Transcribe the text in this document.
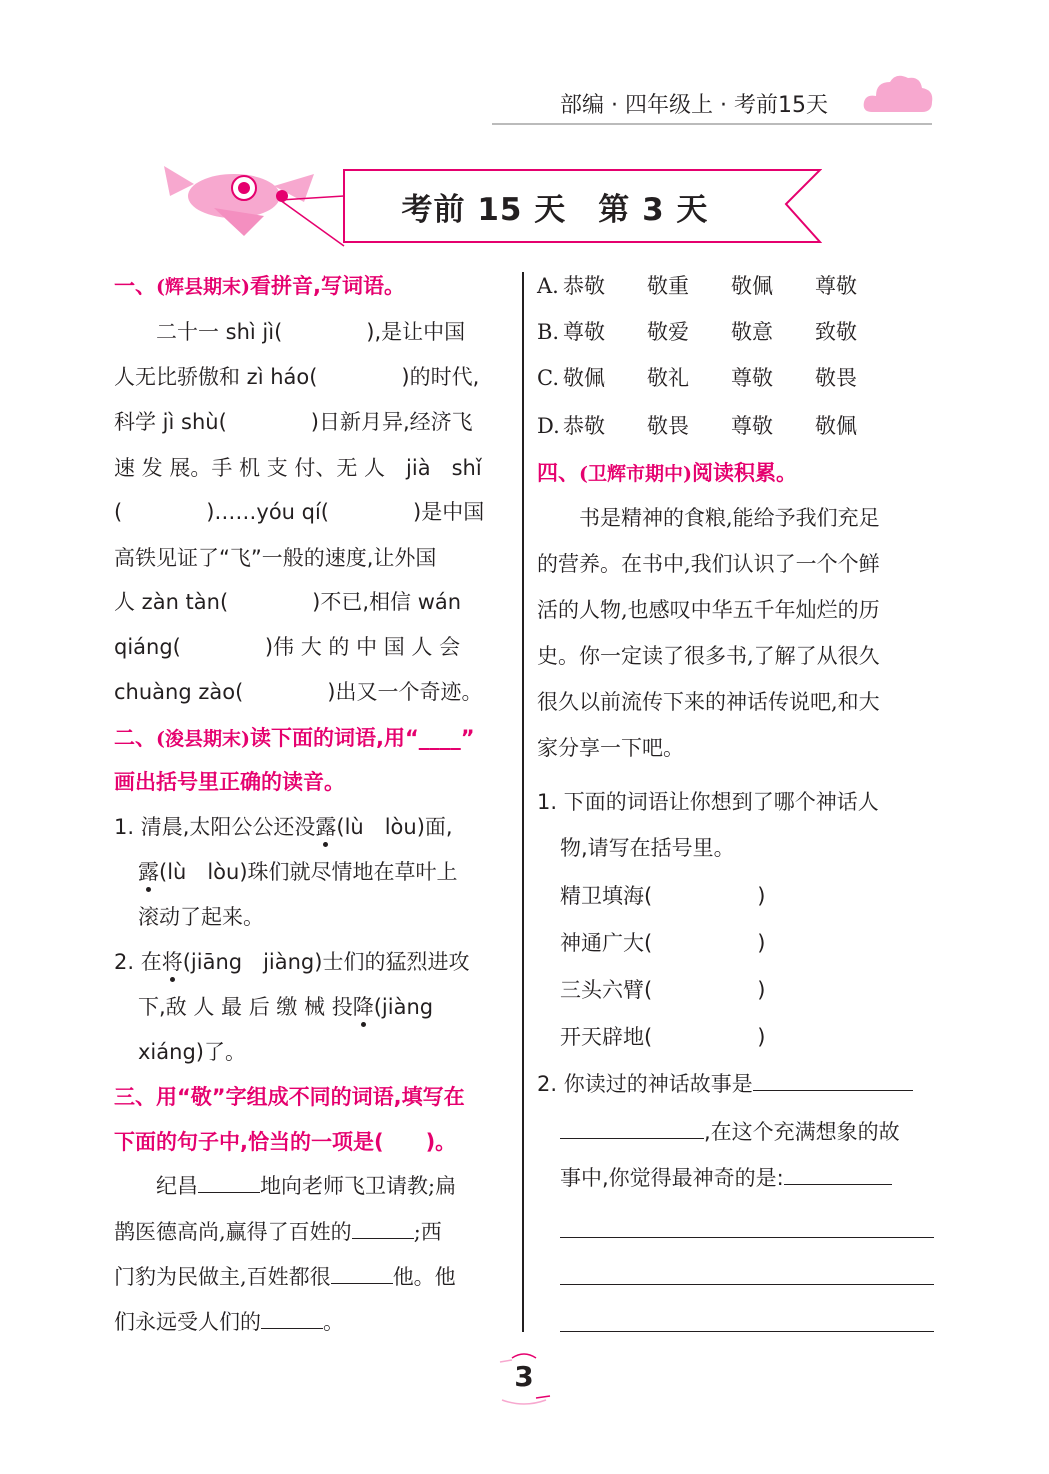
部编 · 四年级上 · 考前15天
考前 15 天　第 3 天
一、(辉县期末)看拼音,写词语。
　　二十一 shì jì(　　　　),是让中国
人无比骄傲和 zì háo(　　　　)的时代,
科学 jì shù(　　　　)日新月异,经济飞
速 发 展。手 机 支 付、无 人　jià　shǐ
(　　　　)……yóu qí(　　　　)是中国
高铁见证了“飞”一般的速度,让外国
人 zàn tàn(　　　　)不已,相信 wán
qiáng(　　　　)伟 大 的 中 国 人 会
chuàng zào(　　　　)出又一个奇迹。
二、(浚县期末)读下面的词语,用“____”
画出括号里正确的读音。
1. 清晨,太阳公公还没露(lù　lòu)面,
露(lù　lòu)珠们就尽情地在草叶上
滚动了起来。
2. 在将(jiāng　jiàng)士们的猛烈进攻
下,敌 人 最 后 缴 械 投降(jiàng
xiáng)了。
三、用“敬”字组成不同的词语,填写在
下面的句子中,恰当的一项是(　　)。
　　纪昌	地向老师飞卫请教;扁
鹊医德高尚,赢得了百姓的	;西
门豹为民做主,百姓都很	他。他
们永远受人们的	。
A. 恭敬 敬重 敬佩 尊敬
B. 尊敬 敬爱 敬意 致敬
C. 敬佩 敬礼 尊敬 敬畏
D. 恭敬 敬畏 尊敬 敬佩
四、(卫辉市期中)阅读积累。
　　书是精神的食粮,能给予我们充足
的营养。在书中,我们认识了一个个鲜
活的人物,也感叹中华五千年灿烂的历
史。你一定读了很多书,了解了从很久
很久以前流传下来的神话传说吧,和大
家分享一下吧。
1. 下面的词语让你想到了哪个神话人
物,请写在括号里。
精卫填海(　　　　　)
神通广大(　　　　　)
三头六臂(　　　　　)
开天辟地(　　　　　)
2. 你读过的神话故事是
,在这个充满想象的故
事中,你觉得最神奇的是:
3
